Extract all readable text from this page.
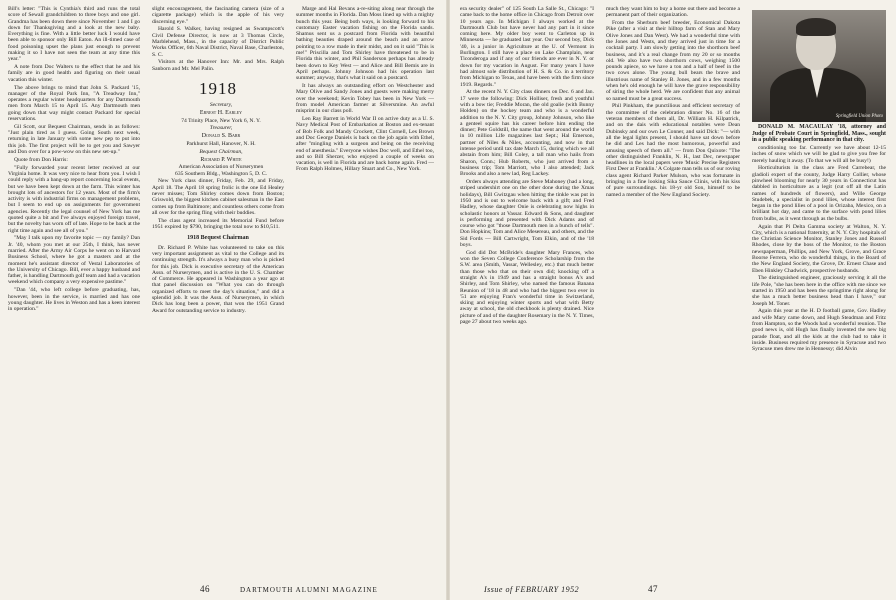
Bill's letter: "This is Cynthia's third and runs the total score of Sewall grandchildren to three boys and one girl. Grandma has been down there since November 1 and I go down for Thanksgiving and a look at the new baby. Everything is fine. With a little better luck I would have been able to sponsor only Bill Eaton. An ill-timed case of food poisoning upset the plans just enough to prevent making it so I have not seen the team at any time this year."

A note from Doc Walters to the effect that he and his family are in good health and figuring on their usual vacation this winter.

The above brings to mind that John S. Packard '15, manager of the Royal Park Inn, "A Treadway Inn," operates a regular winter headquarters for any Dartmouth men from March 15 to April 15. Any Dartmouth men going down that way might contact Packard for special reservations.

Gil Scott, our Bequest Chairman, sends in as follows: "Just plain tired as I guess. Going South next week, returning in late January with some new pep to put into this job. The first project will be to get you and Sawyer and Don over for a pow-wow on this new set-up."

Quote from Don Harris:

"Fully forwarded your recent letter received at our Virginia home. It was very nice to hear from you. I wish I could reply with a bang-up report concerning local events, but we have been kept down at the farm. This winter has brought lots of ancestors for 12 years. Most of the firm's activity is with industrial firms on management problems, but I seem to end up on assignments for government agencies. Recently the legal counsel of New York has me quoted quite a bit and I've always enjoyed foreign travel, but the novelty has worn off of late. Hope to be back at the right time again and see all of you."

"May I talk upon my favorite topic — my family? Dan Jr. '40, whom you met at our 25th, I think, has never married. After the Army Air Corps he went on to Harvard Business School, where he got a masters and at the moment he's assistant director of Vestal Laboratories of the University of Chicago. Bill, ever a happy husband and father, is handling Dartmouth golf team and had a vacation weekend which company a very expensive pastime."

"Dan '44, who left college before graduating, has, however, been in the service, is married and has one young daughter. He lives in Weston and has a keen interest in operation."

slight encouragement, the fascinating camera (size of a cigarette package) which is the apple of his very discerning eye."

Harold S. Walker, having resigned as Swampscott's Civil Defense Director, is now at 3 Thomas Circle, Marblehead, Mass., in the capacity of District Public Works Officer, 6th Naval District, Naval Base, Charleston, S. C.

Visitors at the Hanover Inn: Mr. and Mrs. Ralph Sanborn and Mr. Mel Palin.

1918

Secretary,

Ernest H. Earley

74 Trinity Place, New York 6, N. Y.

Treasurer,

Donald S. Barr

Parkhurst Hall, Hanover, N. H.

Bequest Chairman,

Richard P. White

American Association of Nurserymen

635 Southern Bldg., Washington 5, D. C.

New York class dinner, Friday, Feb. 29, and Friday, April 18. The April 18 spring frolic is the one Ed Healey never misses; Tom Shirley comes down from Boston; Griswold, the biggest kitchen cabinet salesman in the East comes up from Baltimore; and countless others come from all over for the spring fling with their buddies.

The class agent increased its Memorial Fund before 1951 expired by $790, bringing the total now to $10,511.

1918 Bequest Chairman

Dr. Richard P. White has volunteered to take on this very important assignment as vital to the College and its continuing strength. It's always a busy man who is picked for this job. Dick is executive secretary of the American Assn. of Nurserymen, and is active in the U. S. Chamber of Commerce. He appeared in Washington a year ago at that panel discussion on "What you can do through organized efforts to meet the day's situation," and did a splendid job. It was the Assn. of Nurserymen, in which Dick has long been a power, that won the 1951 Grand Award for outstanding service to industry.

Marge and Hal Bevans a-re-siting along near through the summer months in Florida. Dan Moss lined up with a mighty bunch this year. Being both ways, is looking forward to his customary Easter vacation fishing on the Florida sands. Shamus sent us a postcard from Florida with beautiful bathing beauties draped around the beach and an arrow pointing to a row made in their midst, and on it said "This is me!" Priscilla and Tom Shirley have threatened to be in Florida this winter, and Phil Sanderson perhaps has already been down to Key West — and Alice and Bill Bemis are in April perhaps. Johnny Johnson had his operation last summer; anyway, that's what it said on a postcard.

It has always an outstanding effort on Westchester and Mary Olive and Sandy Jones and guests were making merry over the weekend; Kevin Tobey has been in New York — from model American farmer at Silversmine. An awful misprint in our class poll.

Len Ray Barrett in World War II on active duty as a U. S. Navy Medical Post of Embarkation at Boston and ex-tenant of Bob Folk and Mandy Crockett, Clint Cornell, Les Brown and Doc George Daniels is back on the job again with Ethel, after "mingling with a surgeon and being on the receiving end of anesthesia." Everyone wishes Doc well, and Ethel too, and so Bill Sherzer, who enjoyed a couple of weeks on vacation, is well in Florida and are back home again. Fred — From Ralph Holmes, Hillary Stuart and Co., New York.

46	DARTMOUTH ALUMNI MAGAZINE

era security dealer" of 125 South La Salle St., Chicago: "I came back to the home office in Chicago from Detroit over 10 years ago. In Michigan I always worked at the Dartmouth Club but have never had any part in it since coming here. My older boy went to Carleton up in Minnesota — he graduated last year. Our second boy, Dick '40, is a junior in Agriculture at the U. of Vermont in Burlington. I still have a place on Lake Champlain, near Ticonderoga and if any of our friends are ever in N. Y. or down for my vacation in August. For many years I have had almost sole distribution of H. S. & Co. in a territory from Michigan to Texas, and have been with the firm since 1919. Regards."

At the recent N. Y. City class dinners on Dec. 6 and Jan. 17 were the following: Dick Holliser, fresh and youthful with a bow tie; Freddie Moran, the old goalie (with Bunny Holden) on the hockey team and who is a wonderful addition to the N. Y. City group, Johnny Johnson, who like a genteel squire has his career before him ending the dinner; Pete Goldstill, the name that went around the world in 10 million Life magazines last Sept.; Hal Emerson, partner of Niles & Niles, accounting, and now in that intense period until tax date March 15, during which we all abstain from him; Bill Coley, a tall man who hails from Sharon, Conn.; Hub Roberts, who just arrived from a business trip; Tom Marriott, who I also attended; Jack Brooks and also a new lad, Reg Lackey.

Orders always attending are Steve Mahoney (had a long, striped undershirt one on the other done during the Xmas holidays), Bill Gwitzgau when hitting the tinkle was put in 1950 and is out to welcome back with a gift; and Fred Hadley, whose daughter Onie is celebrating now highs in scholastic honors at Vassar. Edward & Sons, and daughter is performing and presented with Dick Adams and of course who got "those Dartmouth men in a bunch of tells". Don Hopkins; Tom and Alice Mesereau, and others, and the Sid Fords — Bill Cartwright, Tom Elkin, and of the '18 boys.

God did Dot McBride's daughter Mary Frances, who won the Seven College Conference Scholarship from the S.W. area (Smith, Vassar, Wellesley, etc.) that much better than those who that on their own did; knocking off a straight A's in 1949 and has a straight bonus A's and Shirley, and Tom Shirley, who named the famous Banana Reunion of '18 in 48 and who had the biggest two ever in '51 are enjoying Fran's wonderful time in Switzerland, skiing and enjoying winter sports and what with Betty away at school, the old checkbook is plenty drained. Nice picture of and of the daughter Rosemary in the N. Y. Times, page 27 about two weeks ago.

much they want him to buy a home out there and become a permanent part of their organization.

From the Sherburn beef breeder, Economical Dakota Pike (after a visit at their hilltop farm of Stan and Mary Olive Jones and Dan West). We had a wonderful time with the Jones and Wests, and they arrived just in time for a cocktail party. I am slowly getting into the shorthorn beef business, and it's a real change from my 20 or so months old. We also have two shorthorn cows, weighing 1500 pounds apiece, so we have a ton and a half of beef in the two cows alone. The young bull bears the brave and illustrious name of Stanley B. Jones, and in a few months when he's old enough he will have the grave responsibility of siring the whole herd. We are confident that any animal so named must be a great success.

Phil Pinkham, the punctilious and efficient secretary of the committee of the celebration dinner No. 16 of the veteran members of them all, Dr. William H. Kilpatrick, and on the dais with educational notables were Dean Dubinsky and our own Le Conner, and said Dick: "— with all the legal lights present, I should have sat down before he did and Les had the most humorous, powerful and amusing speech of them all." — from Don Quixote: "The other distinguished Franklin, N. H., last Dec, newspaper headlines in the local papers were 'Music Precise Registers First Deer at Franklin.' A Colgate man tells us of our roving class agent Richard Parker Mulson, who was fortunate in bringing in a fine looking Sika Sauce Clinis, with his kiss of pure surroundings. his 18-yr old Son, himself to be named a member of the New England Society.

Springfield Union Photo

DONALD M. MACAULAY '18, attorney and Judge of Probate Court in Springfield, Mass., sought in a public speaking performance in that city.

conditioning too far. Currently we have about 12-15 inches of snow which we will be glad to give you free for merely hauling it away. (To that we will all be busy!)

Horticulturists in the class are Fred Carrebear, the gladioli expert of the county, Judge Harry Collier, whose pinwheel blooming for nearly 30 years in Connecticut has dabbled in horticulture as a legit (cut off all the Latin names of hundreds of flowers), and Wille George Studebek, a specialist in pond lilies, whose interest first began in the pond lilies of a pool in Orizaba, Mexico, on a brilliant hot day, and came to the surface with pond lilies from bulbs, as it went through as the bulbs.

Again that Pi Delta Gamma society at Walton, N. Y. City, which is a national fraternity, at N. Y. City hospitals of the Christian Science Monitor, Stanley Jones and Russell Rhodes, close by the boss of the Monitor, to the Boston newspaperman, Phillips, and New York, Grove, and Grace Boorse Ferrera, who do wonderful things, in the Board of the New England Society, the Grove, Dr. Ernest Chase and Eben Hinkley Chadwick, prospective husbands.

The distinguished engineer, graciously serving it all the life Pole, "she has been here in the office with me since we started in 1950 and has been the springtime right along for she has a much better business head than I have," our Joseph M. Toner.

Again this year at the H. D football game, Gov. Hadley and wife Mary came down, and Hugh Steadman and Fritz from Hampton, so the Woods had a wonderful reunion. The good news is, old Hugh has finally invented the new big parade float, and all the kids at the club had to take it inside. Business required my presence in Syracuse and two Syracuse men drew me in Hennessy; did Alvin

Issue of FEBRUARY 1952	47
